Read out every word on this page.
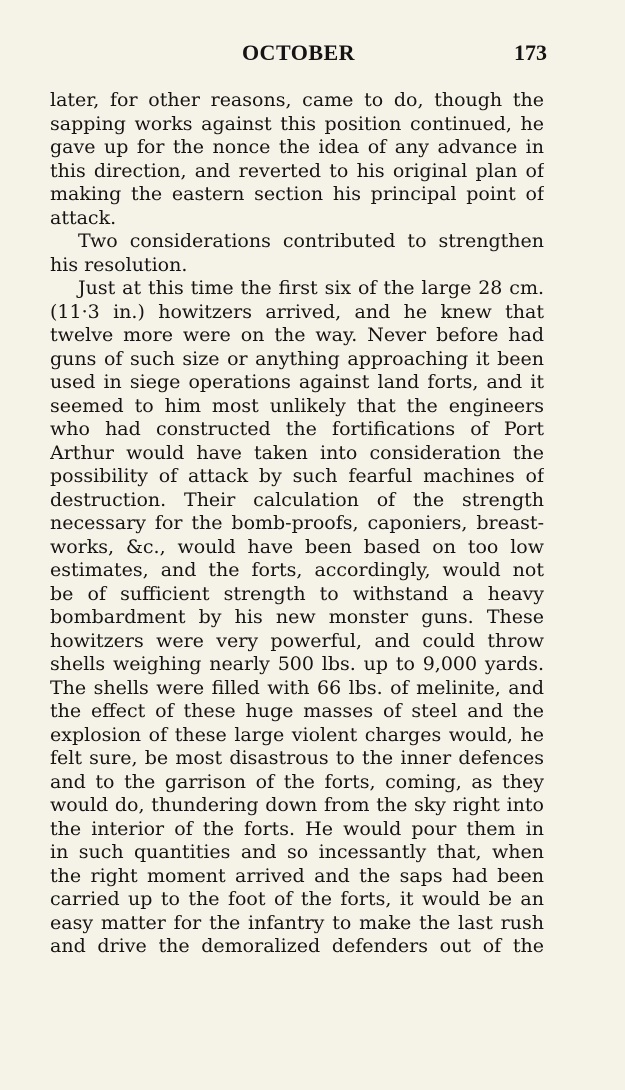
OCTOBER	173
later, for other reasons, came to do, though the
sapping works against this position continued, he
gave up for the nonce the idea of any advance in
this direction, and reverted to his original plan of
making the eastern section his principal point of
attack.
Two considerations contributed to strengthen
his resolution.
Just at this time the first six of the large 28 cm.
(11·3 in.) howitzers arrived, and he knew that
twelve more were on the way. Never before had
guns of such size or anything approaching it been
used in siege operations against land forts, and it
seemed to him most unlikely that the engineers
who had constructed the fortifications of Port
Arthur would have taken into consideration the
possibility of attack by such fearful machines of
destruction. Their calculation of the strength
necessary for the bomb-proofs, caponiers, breast-
works, &c., would have been based on too low
estimates, and the forts, accordingly, would not
be of sufficient strength to withstand a heavy
bombardment by his new monster guns. These
howitzers were very powerful, and could throw
shells weighing nearly 500 lbs. up to 9,000 yards.
The shells were filled with 66 lbs. of melinite, and
the effect of these huge masses of steel and the
explosion of these large violent charges would, he
felt sure, be most disastrous to the inner defences
and to the garrison of the forts, coming, as they
would do, thundering down from the sky right into
the interior of the forts. He would pour them in
in such quantities and so incessantly that, when
the right moment arrived and the saps had been
carried up to the foot of the forts, it would be an
easy matter for the infantry to make the last rush
and drive the demoralized defenders out of the
